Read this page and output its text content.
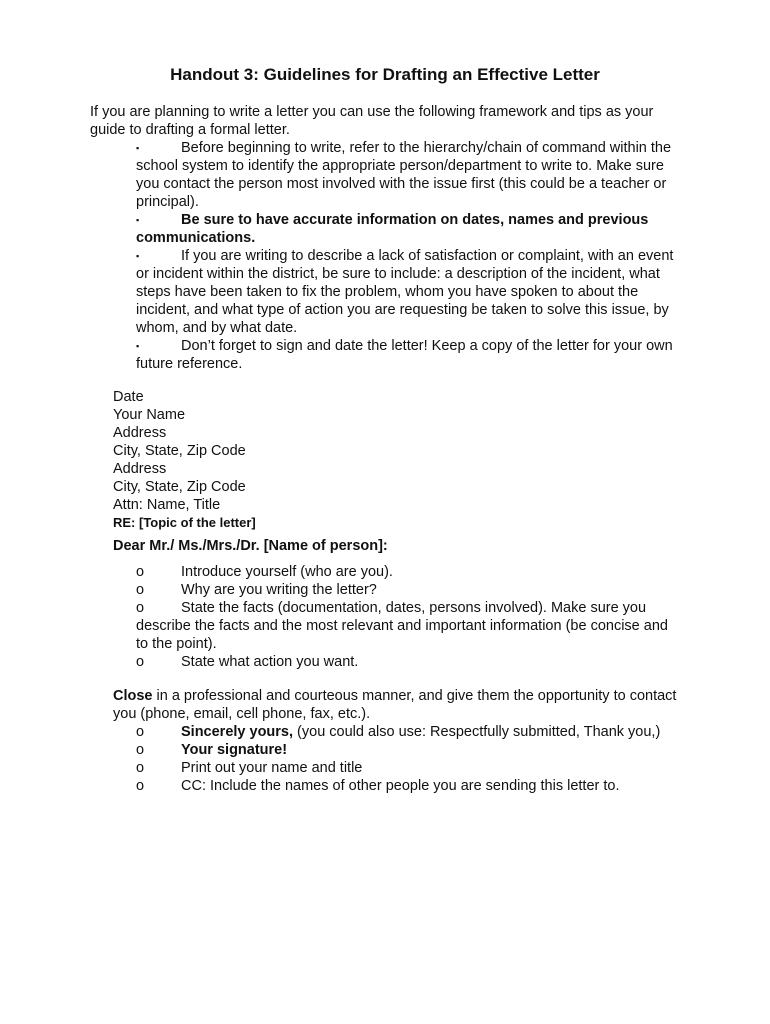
Handout 3: Guidelines for Drafting an Effective Letter
If you are planning to write a letter you can use the following framework and tips as your guide to drafting a formal letter.
▪	Before beginning to write, refer to the hierarchy/chain of command within the school system to identify the appropriate person/department to write to. Make sure you contact the person most involved with the issue first (this could be a teacher or principal).
▪	Be sure to have accurate information on dates, names and previous communications.
▪	If you are writing to describe a lack of satisfaction or complaint, with an event or incident within the district, be sure to include: a description of the incident, what steps have been taken to fix the problem, whom you have spoken to about the incident, and what type of action you are requesting be taken to solve this issue, by whom, and by what date.
▪	Don’t forget to sign and date the letter! Keep a copy of the letter for your own future reference.
Date
Your Name
Address
City, State, Zip Code
Address
City, State, Zip Code
Attn: Name, Title
RE: [Topic of the letter]
Dear Mr./ Ms./Mrs./Dr. [Name of person]:
o	Introduce yourself (who are you).
o	Why are you writing the letter?
o	State the facts (documentation, dates, persons involved). Make sure you describe the facts and the most relevant and important information (be concise and to the point).
o	State what action you want.
Close in a professional and courteous manner, and give them the opportunity to contact you (phone, email, cell phone, fax, etc.).
o	Sincerely yours, (you could also use: Respectfully submitted, Thank you,)
o	Your signature!
o	Print out your name and title
o	CC: Include the names of other people you are sending this letter to.
